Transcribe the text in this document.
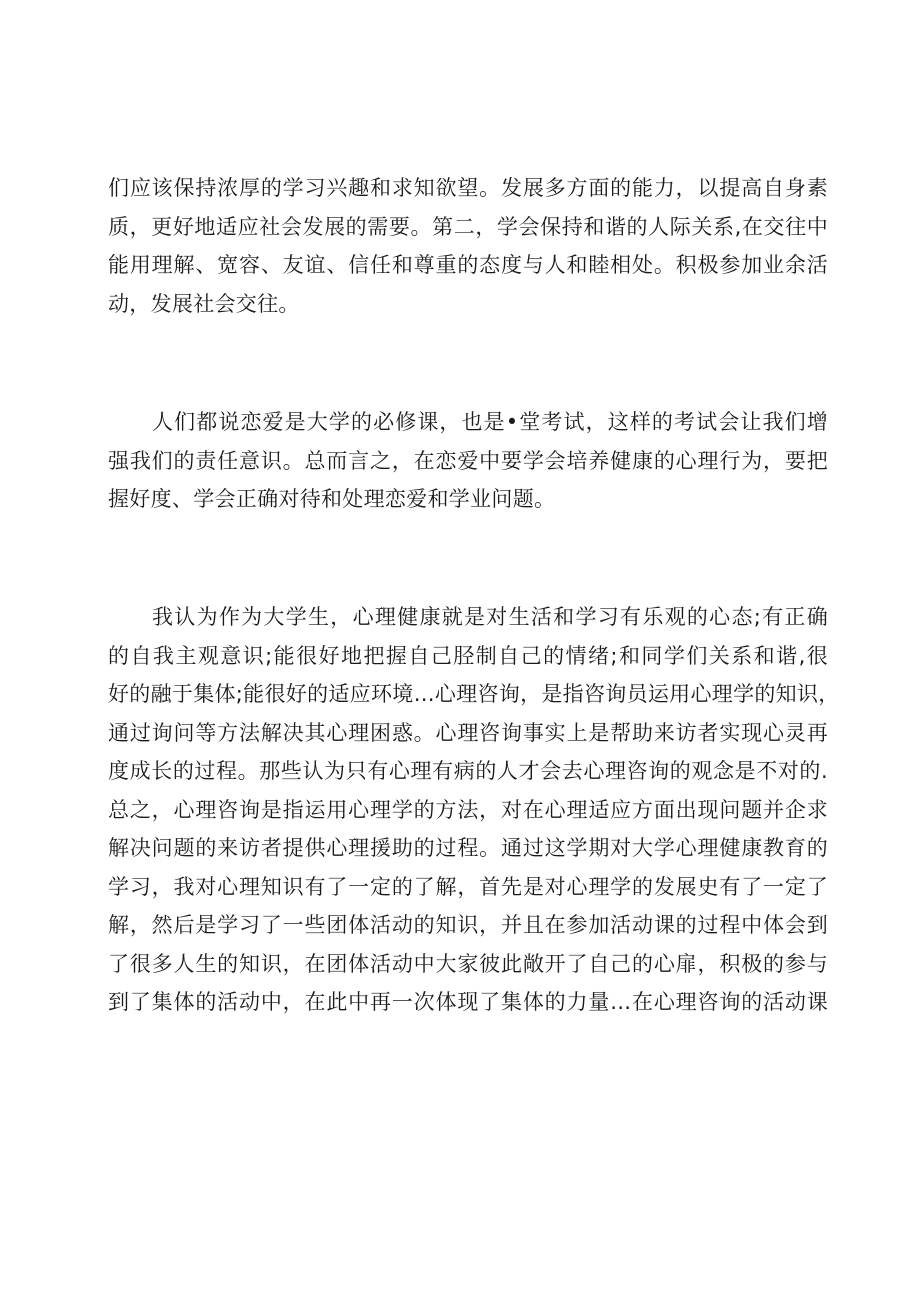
们应该保持浓厚的学习兴趣和求知欲望。发展多方面的能力，以提高自身素
质，更好地适应社会发展的需要。第二，学会保持和谐的人际关系,在交往中
能用理解、宽容、友谊、信任和尊重的态度与人和睦相处。积极参加业余活
动，发展社会交往。
人们都说恋爱是大学的必修课，也是•堂考试，这样的考试会让我们增
强我们的责任意识。总而言之，在恋爱中要学会培养健康的心理行为，要把
握好度、学会正确对待和处理恋爱和学业问题。
我认为作为大学生，心理健康就是对生活和学习有乐观的心态;有正确
的自我主观意识;能很好地把握自己胫制自己的情绪;和同学们关系和谐,很
好的融于集体;能很好的适应环境…心理咨询，是指咨询员运用心理学的知识，
通过询问等方法解决其心理困惑。心理咨询事实上是帮助来访者实现心灵再
度成长的过程。那些认为只有心理有病的人才会去心理咨询的观念是不对的.
总之，心理咨询是指运用心理学的方法，对在心理适应方面出现问题并企求
解决问题的来访者提供心理援助的过程。通过这学期对大学心理健康教育的
学习，我对心理知识有了一定的了解，首先是对心理学的发展史有了一定了
解，然后是学习了一些团体活动的知识，并且在参加活动课的过程中体会到
了很多人生的知识，在团体活动中大家彼此敞开了自己的心扉，积极的参与
到了集体的活动中，在此中再一次体现了集体的力量…在心理咨询的活动课
